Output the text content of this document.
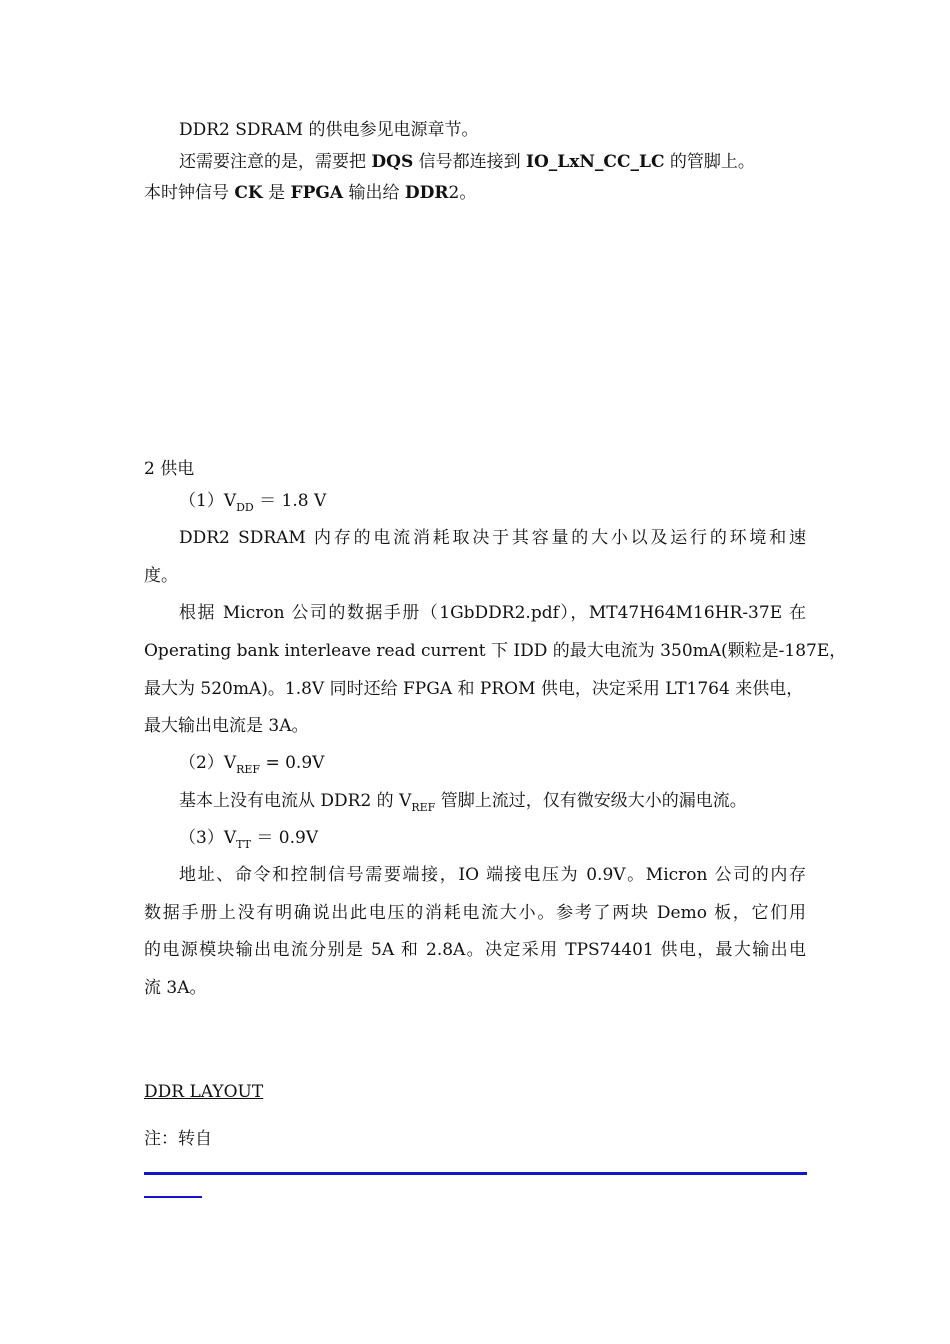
DDR2 SDRAM 的供电参见电源章节。
还需要注意的是，需要把 DQS 信号都连接到 IO_LxN_CC_LC 的管脚上。
本时钟信号 CK 是 FPGA 输出给 DDR2。
2 供电
$(1)V_{DD} = 1.8$ V
DDR2 SDRAM 内存的电流消耗取决于其容量的大小以及运行的环境和速
度。
根据 Micron 公司的数据手册（1GbDDR2.pdf），MT47H64M16HR-37E 在
Operating bank interleave read current 下 IDD 的最大电流为 350mA(颗粒是-187E，
最大为 520mA)。1.8V 同时还给 FPGA 和 PROM 供电，决定采用 LT1764 来供电，
最大输出电流是 3A。
$(2)V_{REF} = 0.9V$
基本上没有电流从 DDR2 的 $V_{REF}$ 管脚上流过，仅有微安级大小的漏电流。
$(3)V_{TT} = 0.9V$
地址、命令和控制信号需要端接，IO 端接电压为 0.9V。Micron 公司的内存
数据手册上没有明确说出此电压的消耗电流大小。参考了两块 Demo 板，它们用
的电源模块输出电流分别是 5A 和 2.8A。决定采用 TPS74401 供电，最大输出电
流 3A。
DDR LAYOUT
注：转自
